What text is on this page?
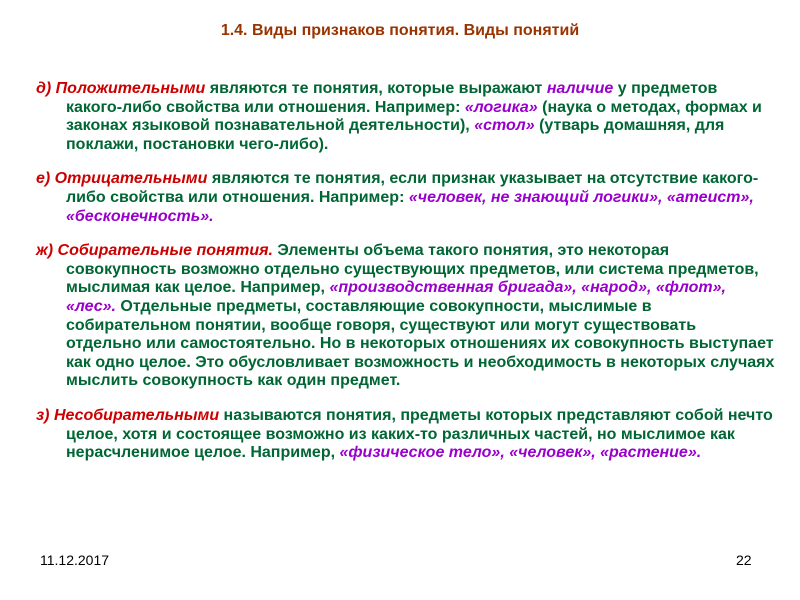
1.4. Виды признаков понятия. Виды понятий

д) Положительными являются те понятия, которые выражают наличие у предметов какого-либо свойства или отношения. Например: «логика» (наука о методах, формах и законах языковой познавательной деятельности), «стол» (утварь домашняя, для поклажи, постановки чего-либо).

е) Отрицательными являются те понятия, если признак указывает на отсутствие какого-либо свойства или отношения. Например: «человек, не знающий логики», «атеист», «бесконечность».

ж) Собирательные понятия. Элементы объема такого понятия, это некоторая совокупность возможно отдельно существующих предметов, или система предметов, мыслимая как целое. Например, «производственная бригада», «народ», «флот», «лес». Отдельные предметы, составляющие совокупности, мыслимые в собирательном понятии, вообще говоря, существуют или могут существовать отдельно или самостоятельно. Но в некоторых отношениях их совокупность выступает как одно целое. Это обусловливает возможность и необходимость в некоторых случаях мыслить совокупность как один предмет.

з) Несобирательными называются понятия, предметы которых представляют собой нечто целое, хотя и состоящее возможно из каких-то различных частей, но мыслимое как нерасчленимое целое. Например, «физическое тело», «человек», «растение».

11.12.2017	22
